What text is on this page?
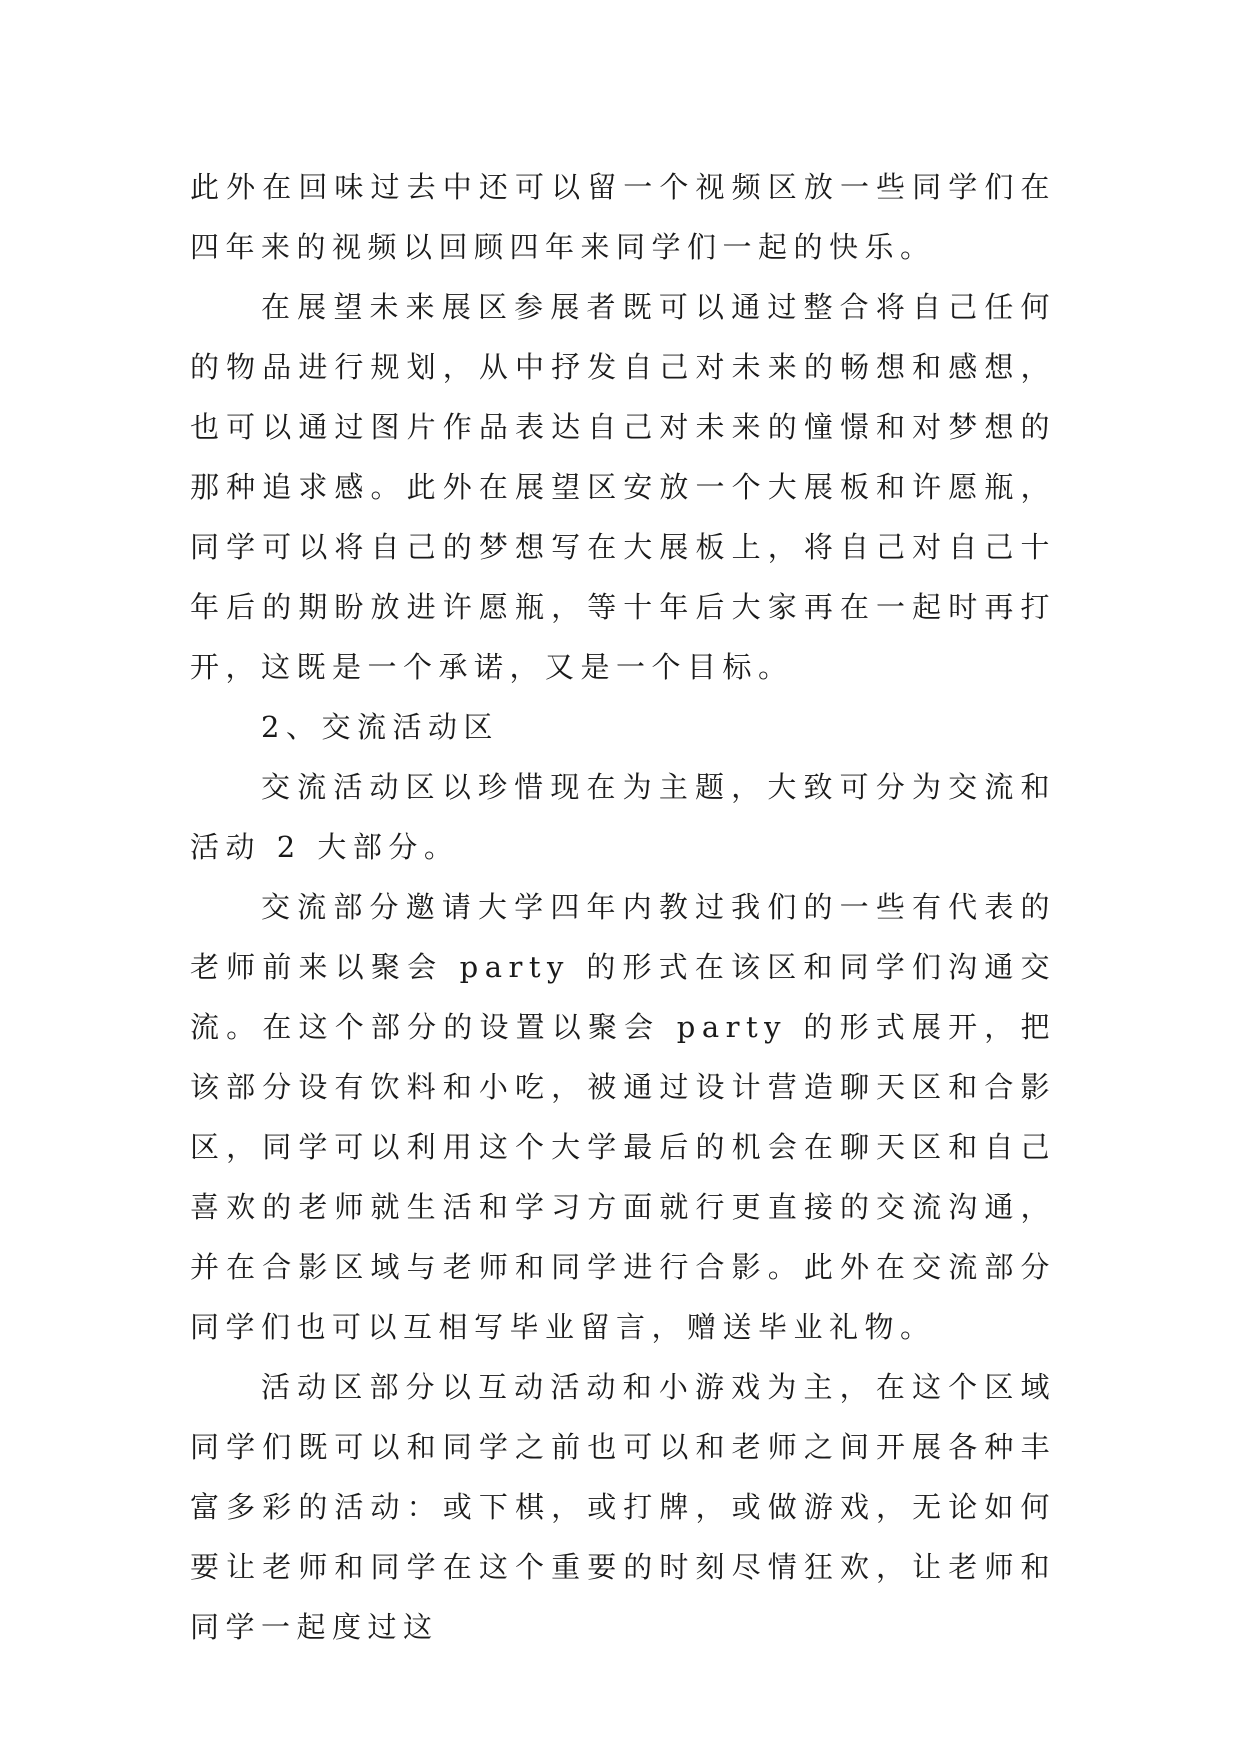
此外在回味过去中还可以留一个视频区放一些同学们在四年来的视频以回顾四年来同学们一起的快乐。

在展望未来展区参展者既可以通过整合将自己任何的物品进行规划，从中抒发自己对未来的畅想和感想，也可以通过图片作品表达自己对未来的憧憬和对梦想的那种追求感。此外在展望区安放一个大展板和许愿瓶，同学可以将自己的梦想写在大展板上，将自己对自己十年后的期盼放进许愿瓶，等十年后大家再在一起时再打开，这既是一个承诺，又是一个目标。

2、交流活动区

交流活动区以珍惜现在为主题，大致可分为交流和活动 2 大部分。

交流部分邀请大学四年内教过我们的一些有代表的老师前来以聚会 party 的形式在该区和同学们沟通交流。在这个部分的设置以聚会 party 的形式展开，把该部分设有饮料和小吃，被通过设计营造聊天区和合影区，同学可以利用这个大学最后的机会在聊天区和自己喜欢的老师就生活和学习方面就行更直接的交流沟通，并在合影区域与老师和同学进行合影。此外在交流部分同学们也可以互相写毕业留言，赠送毕业礼物。

活动区部分以互动活动和小游戏为主，在这个区域同学们既可以和同学之前也可以和老师之间开展各种丰富多彩的活动：或下棋，或打牌，或做游戏，无论如何要让老师和同学在这个重要的时刻尽情狂欢，让老师和同学一起度过这
